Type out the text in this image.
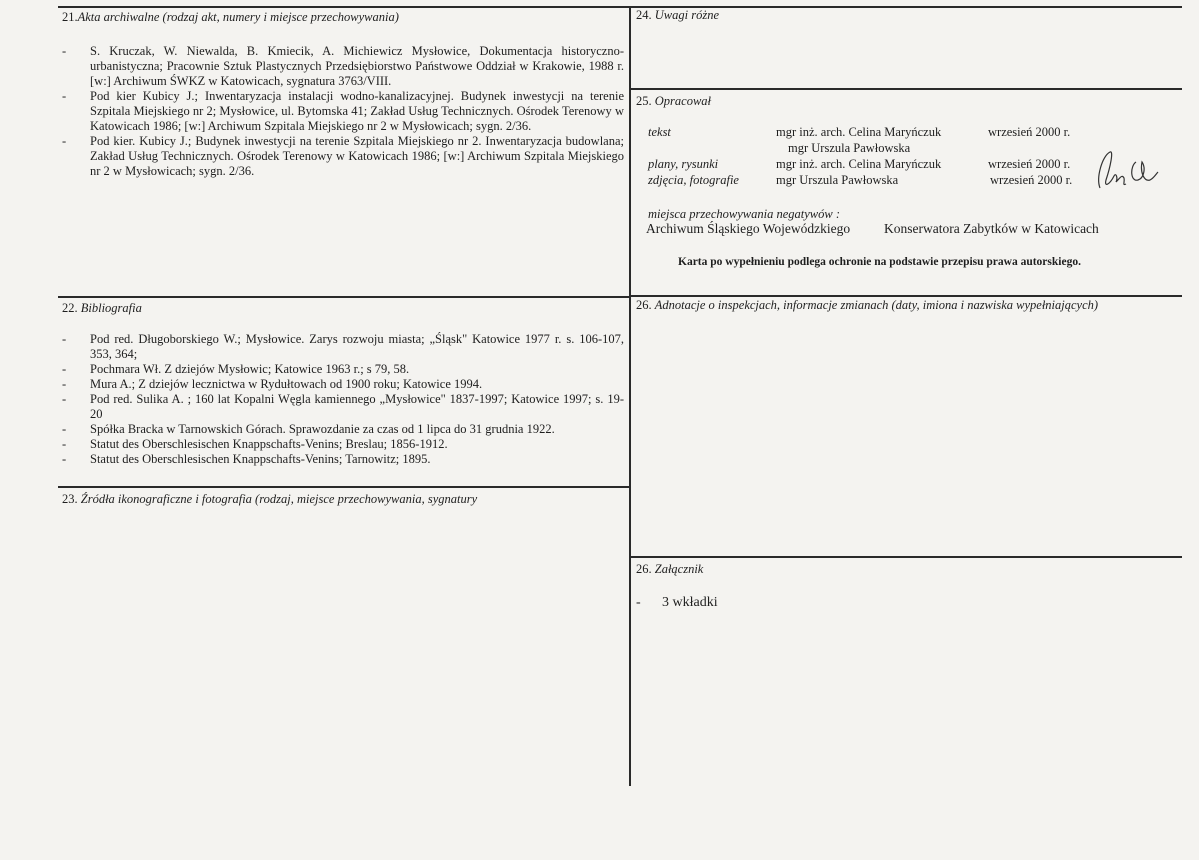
21.Akta archiwalne (rodzaj akt, numery i miejsce przechowywania)
- S. Kruczak, W. Niewalda, B. Kmiecik, A. Michiewicz Mysłowice, Dokumentacja historyczno-urbanistyczna; Pracownie Sztuk Plastycznych Przedsiębiorstwo Państwowe Oddział w Krakowie, 1988 r. [w:] Archiwum ŚWKZ w Katowicach, sygnatura 3763/VIII.
- Pod kier Kubicy J.; Inwentaryzacja instalacji wodno-kanalizacyjnej. Budynek inwestycji na terenie Szpitala Miejskiego nr 2; Mysłowice, ul. Bytomska 41; Zakład Usług Technicznych. Ośrodek Terenowy w Katowicach 1986; [w:] Archiwum Szpitala Miejskiego nr 2 w Mysłowicach; sygn. 2/36.
- Pod kier. Kubicy J.; Budynek inwestycji na terenie Szpitala Miejskiego nr 2. Inwentaryzacja budowlana; Zakład Usług Technicznych. Ośrodek Terenowy w Katowicach 1986; [w:] Archiwum Szpitala Miejskiego nr 2 w Mysłowicach; sygn. 2/36.
22. Bibliografia
- Pod red. Długoborskiego W.; Mysłowice. Zarys rozwoju miasta; „Śląsk" Katowice 1977 r. s. 106-107, 353, 364;
- Pochmara Wł. Z dziejów Mysłowic; Katowice 1963 r.; s 79, 58.
- Mura A.; Z dziejów lecznictwa w Rydułtowach od 1900 roku; Katowice 1994.
- Pod red. Sulika A. ; 160 lat Kopalni Węgla kamiennego „Mysłowice" 1837-1997; Katowice 1997; s. 19-20
- Spółka Bracka w Tarnowskich Górach. Sprawozdanie za czas od 1 lipca do 31 grudnia 1922.
- Statut des Oberschlesischen Knappschafts-Venins; Breslau; 1856-1912.
- Statut des Oberschlesischen Knappschafts-Venins; Tarnowitz; 1895.
23. Źródła ikonograficzne i fotografia (rodzaj, miejsce przechowywania, sygnatury
24. Uwagi różne
25. Opracował
tekst	mgr inż. arch. Celina Maryńczuk	wrzesień 2000 r.
mgr Urszula Pawłowska
plany, rysunki	mgr inż. arch. Celina Maryńczuk	wrzesień 2000 r.
zdjęcia, fotografie	mgr Urszula Pawłowska	wrzesień 2000 r.
miejsca przechowywania negatywów :
Archiwum Śląskiego Wojewódzkiego	Konserwatora Zabytków w Katowicach
Karta po wypełnieniu podlega ochronie na podstawie przepisu prawa autorskiego.
26. Adnotacje o inspekcjach, informacje zmianach (daty, imiona i nazwiska wypełniających)
26. Załącznik
- 3 wkładki
